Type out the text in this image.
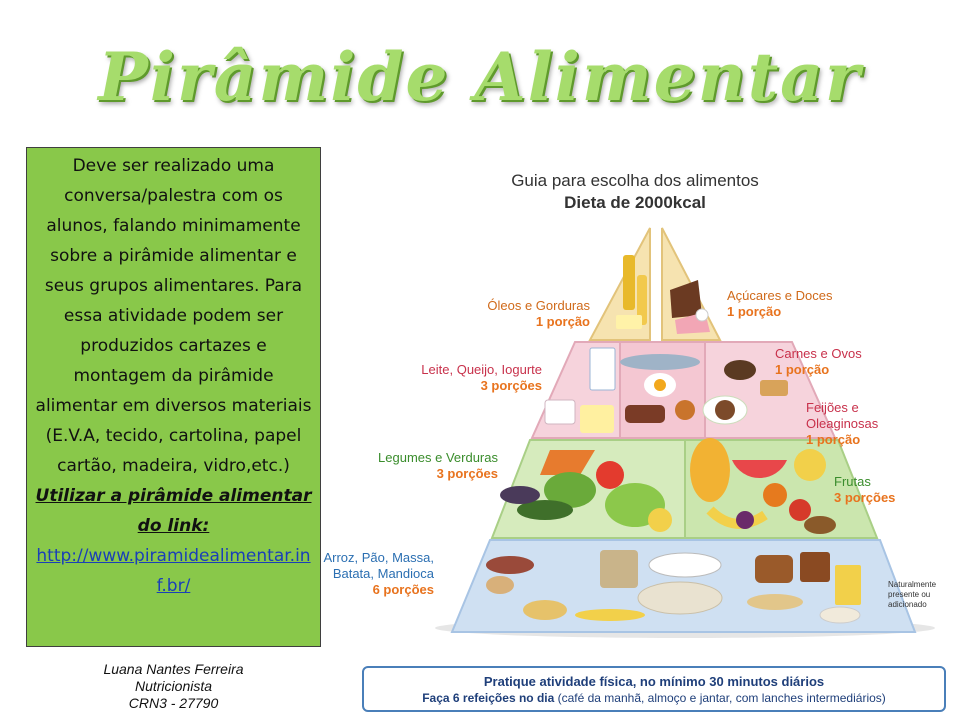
Pirâmide Alimentar
Deve ser realizado uma conversa/palestra com os alunos, falando minimamente sobre a pirâmide alimentar e seus grupos alimentares. Para essa atividade podem ser produzidos cartazes e montagem da pirâmide alimentar em diversos materiais (E.V.A, tecido, cartolina, papel cartão, madeira, vidro,etc.)
Utilizar a pirâmide alimentar do link:
http://www.piramidealimentar.inf.br/
Luana Nantes Ferreira
Nutricionista
CRN3 - 27790
Guia para escolha dos alimentos
Dieta de 2000kcal
Óleos e Gorduras
1 porção
Açúcares e Doces
1 porção
Carnes e Ovos
1 porção
Leite, Queijo, Iogurte
3 porções
Feijões e
Oleaginosas
1 porção
Legumes e Verduras
3 porções
Frutas
3 porções
Arroz, Pão, Massa,
Batata, Mandioca
6 porções	Naturalmente presente ou adicionado
Pratique atividade física, no mínimo 30 minutos diários
Faça 6 refeições no dia (café da manhã, almoço e jantar, com lanches intermediários)
